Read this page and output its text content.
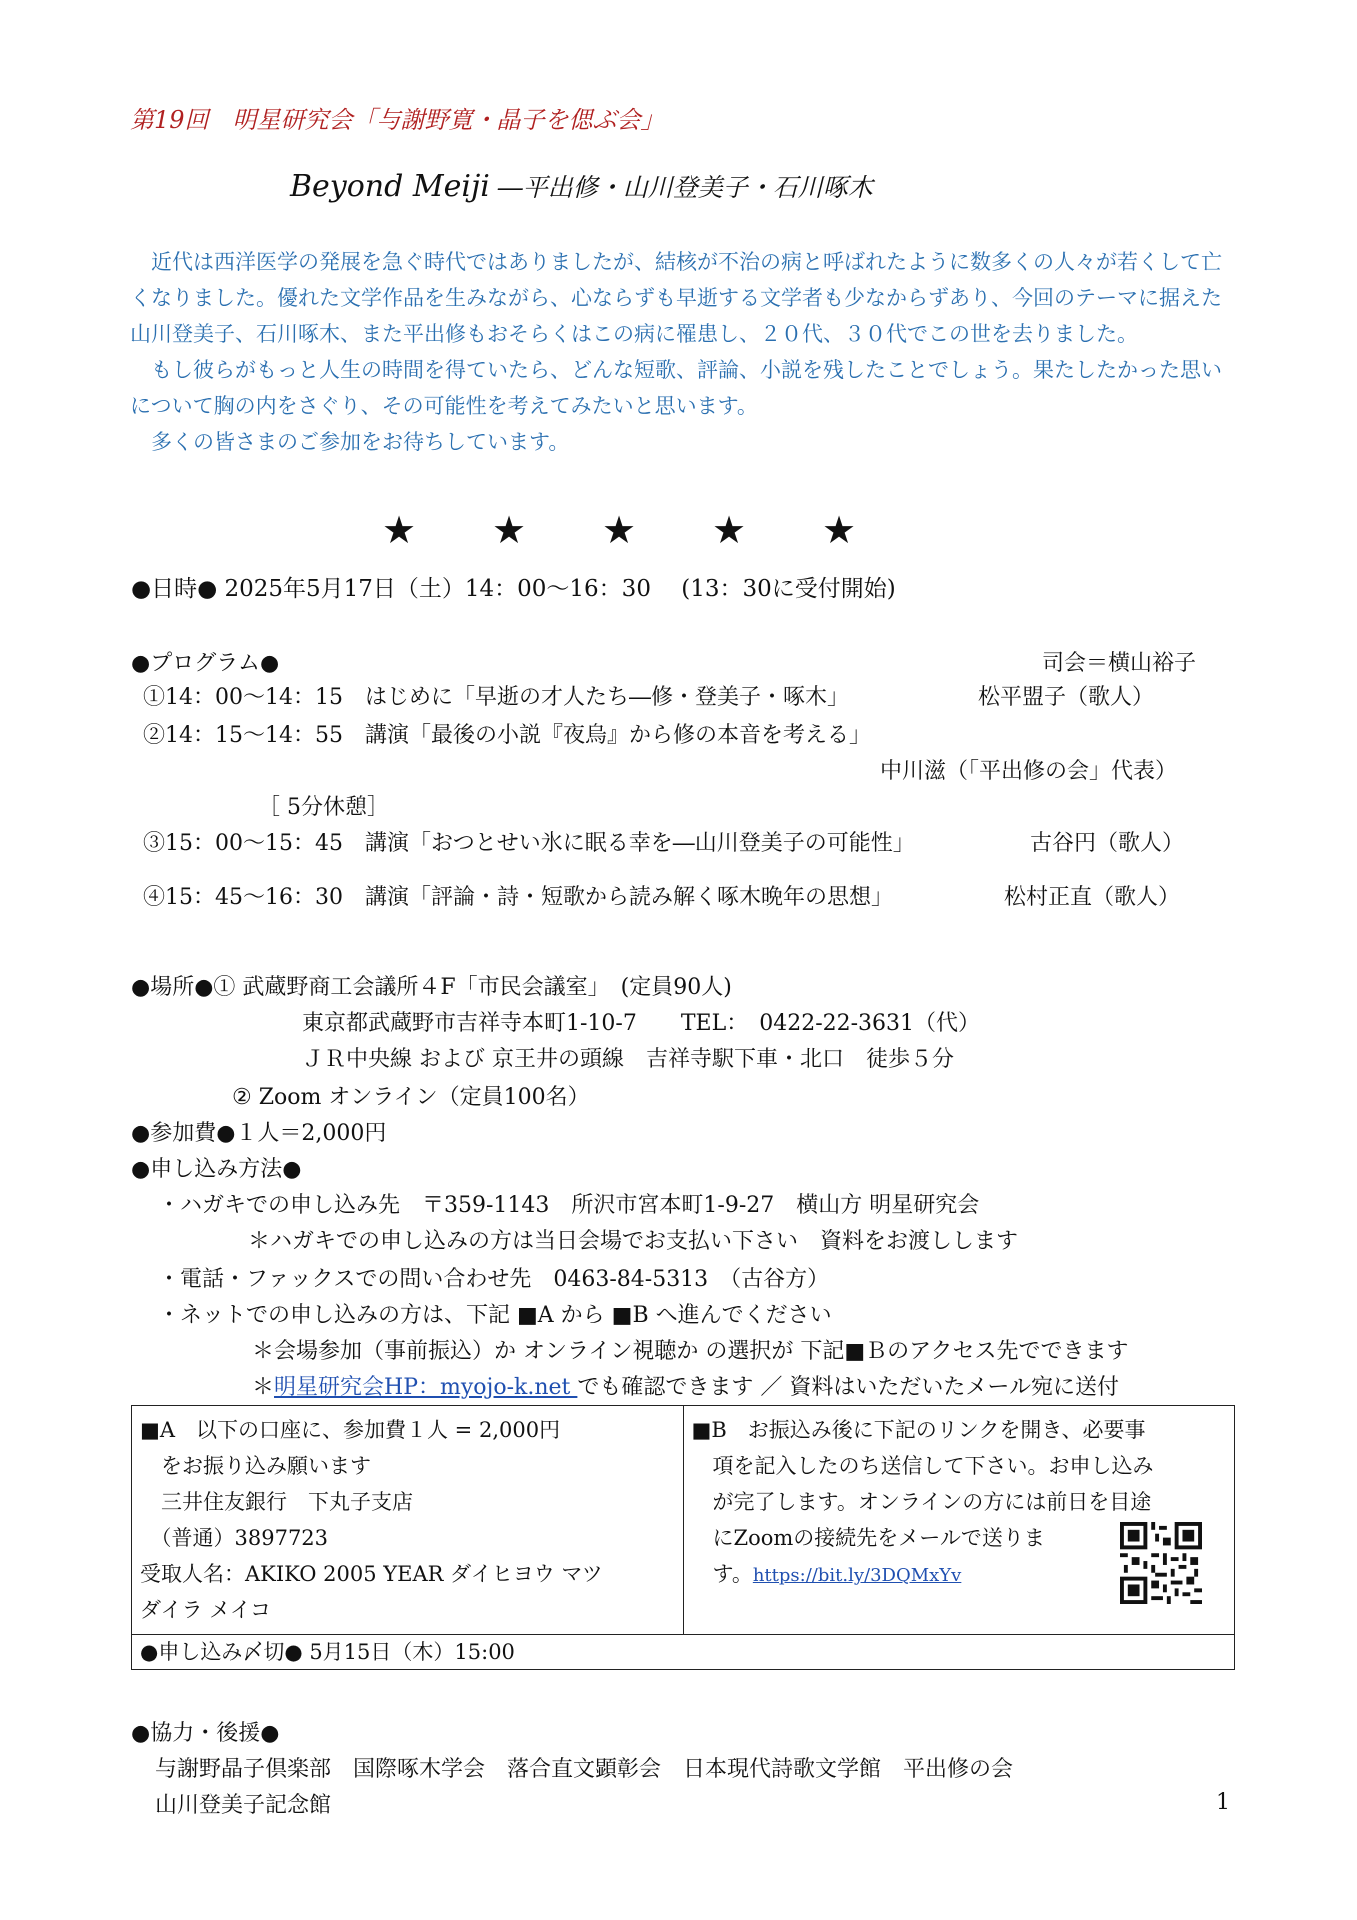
第19回　明星研究会「与謝野寛・晶子を偲ぶ会」
Beyond Meiji ―平出修・山川登美子・石川啄木

　近代は西洋医学の発展を急ぐ時代ではありましたが、結核が不治の病と呼ばれたように数多くの人々が若くして亡くなりました。優れた文学作品を生みながら、心ならずも早逝する文学者も少なからずあり、今回のテーマに据えた山川登美子、石川啄木、また平出修もおそらくはこの病に罹患し、２０代、３０代でこの世を去りました。

　もし彼らがもっと人生の時間を得ていたら、どんな短歌、評論、小説を残したことでしょう。果たしたかった思いについて胸の内をさぐり、その可能性を考えてみたいと思います。

　多くの皆さまのご参加をお待ちしています。

★ ★ ★ ★ ★
●日時● 2025年5月17日（土）14：00～16：30　 (13：30に受付開始)
●プログラム●	司会＝横山裕子
①14：00～14：15　はじめに「早逝の才人たち―修・登美子・啄木」	松平盟子（歌人）
②14：15～14：55　講演「最後の小説『夜烏』から修の本音を考える」
中川滋（「平出修の会」代表）
［ 5分休憩］
③15：00～15：45　講演「おつとせい氷に眠る幸を―山川登美子の可能性」	古谷円（歌人）
④15：45～16：30　講演「評論・詩・短歌から読み解く啄木晩年の思想」	松村正直（歌人）
●場所●① 武蔵野商工会議所４F「市民会議室」　(定員90人)
東京都武蔵野市吉祥寺本町1-10-7　　TEL：　0422-22-3631（代）
ＪＲ中央線 および 京王井の頭線　吉祥寺駅下車・北口　徒歩５分
② Zoom オンライン（定員100名）
●参加費●１人＝2,000円
●申し込み方法●
・ハガキでの申し込み先　〒359-1143　所沢市宮本町1-9-27　横山方 明星研究会
＊ハガキでの申し込みの方は当日会場でお支払い下さい　資料をお渡しします
・電話・ファックスでの問い合わせ先　0463-84-5313　（古谷方）
・ネットでの申し込みの方は、下記 ■A から ■B へ進んでください
＊会場参加（事前振込）か オンライン視聴か の選択が 下記■Ｂのアクセス先でできます
＊明星研究会HP：myojo-k.net でも確認できます ／ 資料はいただいたメール宛に送付
■A　以下の口座に、参加費１人 = 2,000円
　をお振り込み願います
　三井住友銀行　下丸子支店
　（普通）3897723
受取人名：AKIKO 2005 YEAR ダイヒヨウ マツ
ダイラ メイコ

■B　お振込み後に下記のリンクを開き、必要事
　項を記入したのち送信して下さい。お申し込み
　が完了します。オンラインの方には前日を目途
　にZoomの接続先をメールで送りま
　す。https://bit.ly/3DQMxYv

●申し込み〆切● 5月15日（木）15:00
●協力・後援●
与謝野晶子倶楽部　国際啄木学会　落合直文顕彰会　日本現代詩歌文学館　平出修の会
山川登美子記念館	1
